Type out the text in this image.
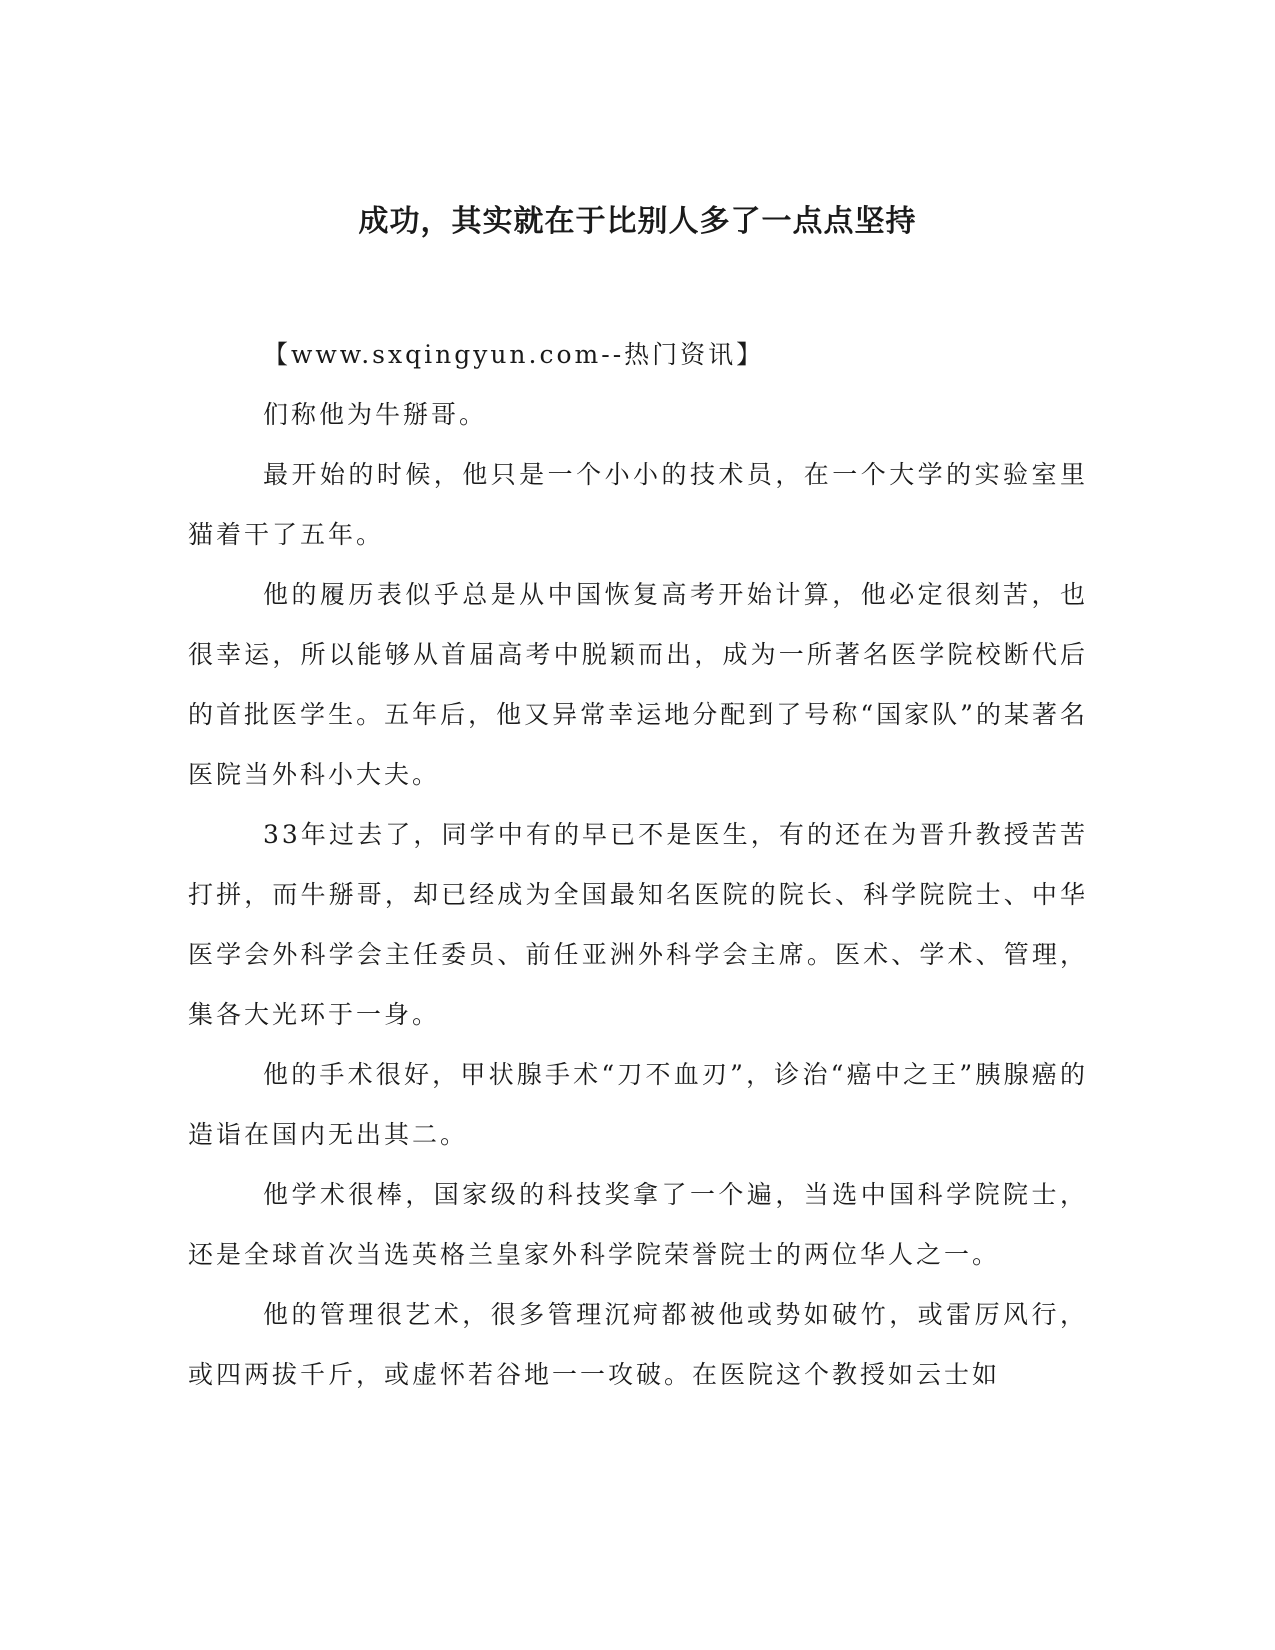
成功，其实就在于比别人多了一点点坚持

【www.sxqingyun.com--热门资讯】

们称他为牛掰哥。

最开始的时候，他只是一个小小的技术员，在一个大学的实验室里猫着干了五年。

他的履历表似乎总是从中国恢复高考开始计算，他必定很刻苦，也很幸运，所以能够从首届高考中脱颖而出，成为一所著名医学院校断代后的首批医学生。五年后，他又异常幸运地分配到了号称“国家队”的某著名医院当外科小大夫。

33年过去了，同学中有的早已不是医生，有的还在为晋升教授苦苦打拼，而牛掰哥，却已经成为全国最知名医院的院长、科学院院士、中华医学会外科学会主任委员、前任亚洲外科学会主席。医术、学术、管理，集各大光环于一身。

他的手术很好，甲状腺手术“刀不血刃”，诊治“癌中之王”胰腺癌的造诣在国内无出其二。

他学术很棒，国家级的科技奖拿了一个遍，当选中国科学院院士，还是全球首次当选英格兰皇家外科学院荣誉院士的两位华人之一。

他的管理很艺术，很多管理沉疴都被他或势如破竹，或雷厉风行，或四两拔千斤，或虚怀若谷地一一攻破。在医院这个教授如云士如
